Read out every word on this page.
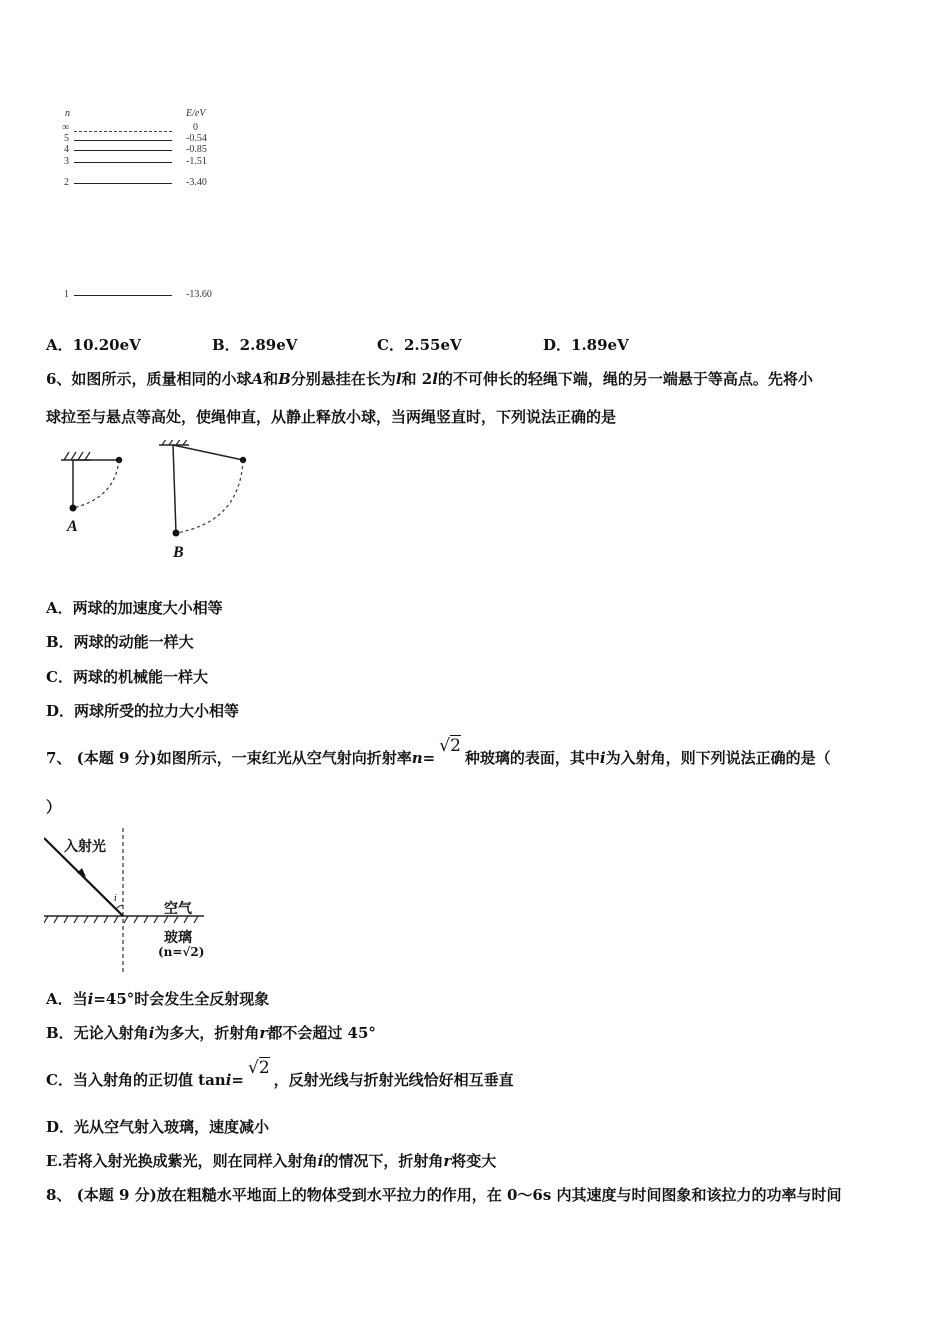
n	E/eV
∞	0
5	-0.54
4	-0.85
3	-1.51
2	-3.40
1	-13.60
A．10.20eV	B．2.89eV	C．2.55eV	D．1.89eV
6、如图所示，质量相同的小球A和B分别悬挂在长为l和 2l的不可伸长的轻绳下端，绳的另一端悬于等高点。先将小
球拉至与悬点等高处，使绳伸直，从静止释放小球，当两绳竖直时，下列说法正确的是
A
B
A．两球的加速度大小相等
B．两球的动能一样大
C．两球的机械能一样大
D．两球所受的拉力大小相等
7、 (本题 9 分)如图所示，一束红光从空气射向折射率n=√2种玻璃的表面，其中i为入射角，则下列说法正确的是（
）
入射光
i
空气
玻璃
(n=√2)
A．当i=45°时会发生全反射现象
B．无论入射角i为多大，折射角r都不会超过 45°
C．当入射角的正切值 tani=√2，反射光线与折射光线恰好相互垂直
D．光从空气射入玻璃，速度减小
E.若将入射光换成紫光，则在同样入射角i的情况下，折射角r将变大
8、 (本题 9 分)放在粗糙水平地面上的物体受到水平拉力的作用，在 0～6s 内其速度与时间图象和该拉力的功率与时间
